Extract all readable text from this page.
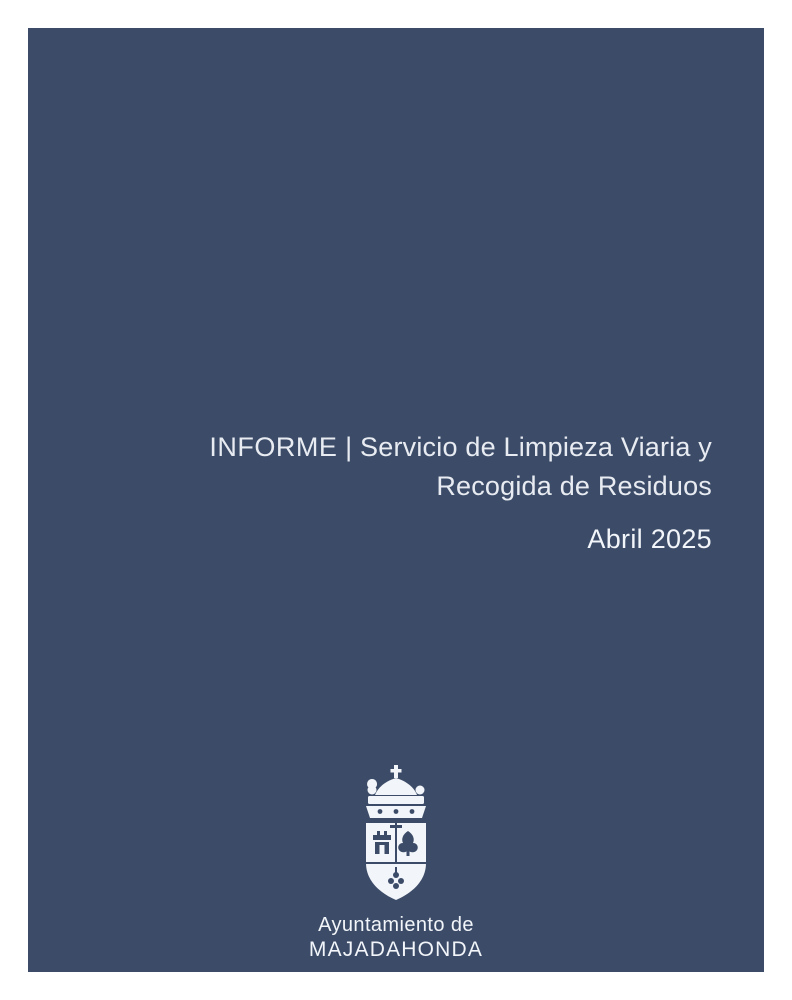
INFORME | Servicio de Limpieza Viaria y
Recogida de Residuos
Abril 2025
Ayuntamiento de
MAJADAHONDA
